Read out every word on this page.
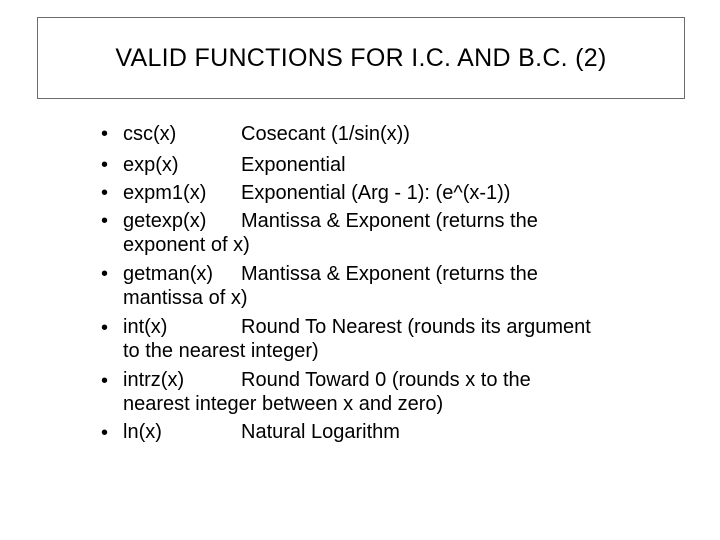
VALID FUNCTIONS FOR I.C. AND B.C. (2)
• csc(x)	Cosecant (1/sin(x))
• exp(x)	Exponential
• expm1(x) Exponential (Arg - 1): (e^(x-1))
• getexp(x) Mantissa & Exponent (returns the
exponent of x)
• getman(x) Mantissa & Exponent (returns the
mantissa of x)
• int(x)	Round To Nearest (rounds its argument
to the nearest integer)
• intrz(x)	Round Toward 0 (rounds x to the
nearest integer between x and zero)
• ln(x)	Natural Logarithm
